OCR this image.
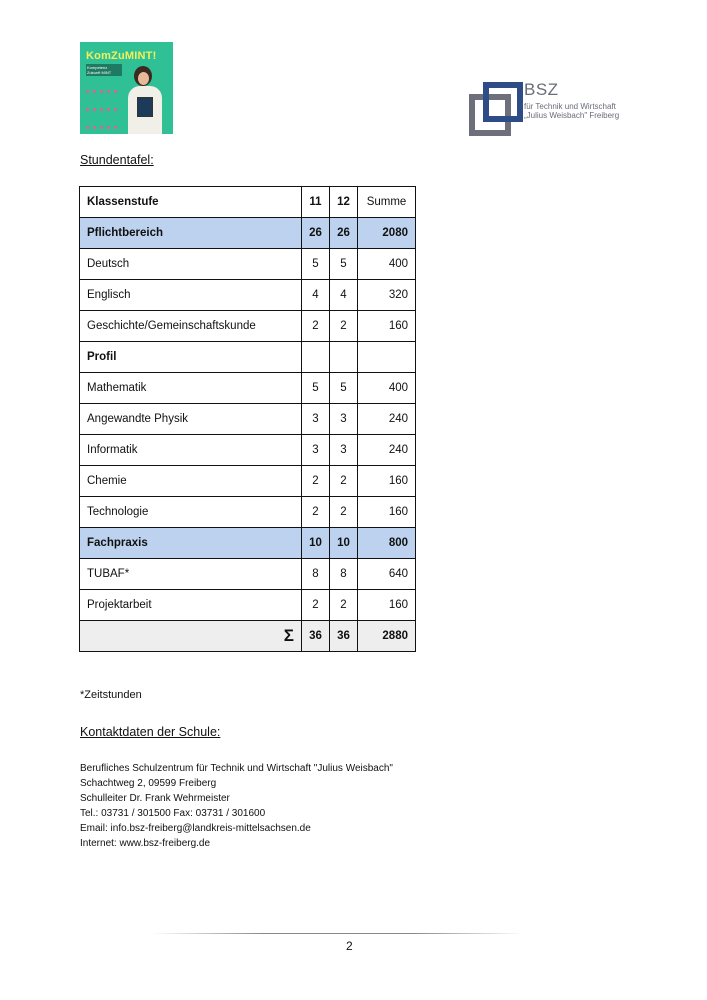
KomZuMINT!
Kompetenz Zukunft MINT

BSZ
für Technik und Wirtschaft
„Julius Weisbach" Freiberg
Stundentafel:
Klassenstufe	11	12	Summe
Pflichtbereich	26	26	2080
Deutsch	5	5	400
Englisch	4	4	320
Geschichte/Gemeinschaftskunde	2	2	160
Profil			
Mathematik	5	5	400
Angewandte Physik	3	3	240
Informatik	3	3	240
Chemie	2	2	160
Technologie	2	2	160
Fachpraxis	10	10	800
TUBAF*	8	8	640
Projektarbeit	2	2	160
Σ	36	36	2880
*Zeitstunden
Kontaktdaten der Schule:
Berufliches Schulzentrum für Technik und Wirtschaft "Julius Weisbach"
Schachtweg 2, 09599 Freiberg
Schulleiter Dr. Frank Wehrmeister
Tel.: 03731 / 301500 Fax: 03731 / 301600
Email: info.bsz-freiberg@landkreis-mittelsachsen.de
Internet: www.bsz-freiberg.de
2
